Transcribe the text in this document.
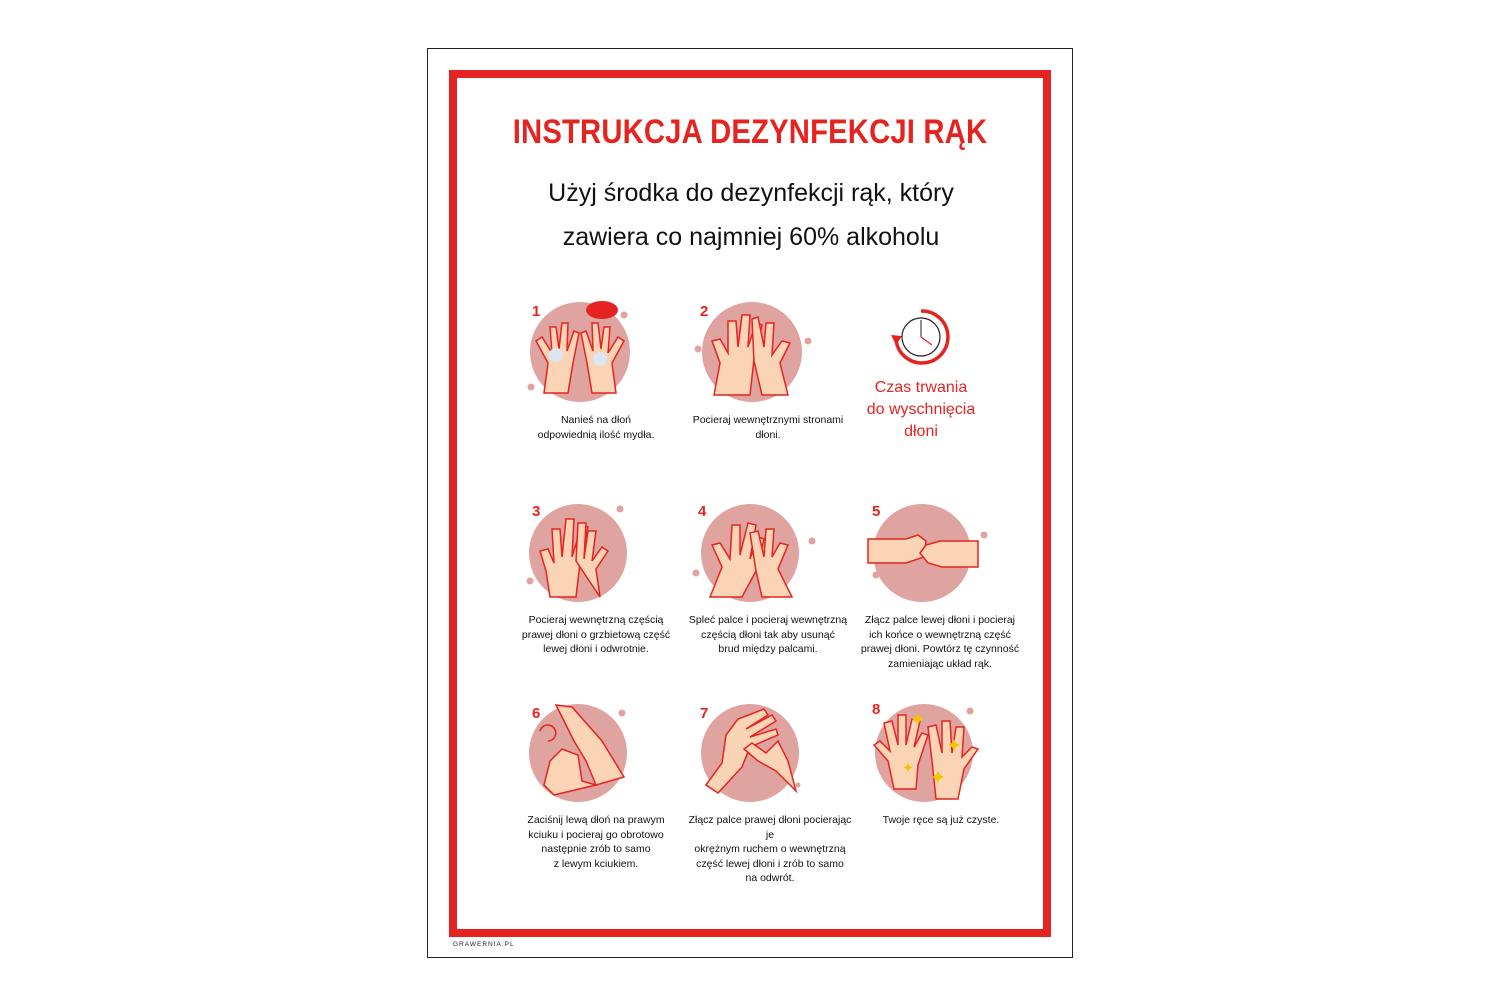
INSTRUKCJA DEZYNFEKCJI RĄK
Użyj środka do dezynfekcji rąk, który
zawiera co najmniej 60% alkoholu
1
Nanieś na dłoń
odpowiednią ilość mydła.
2
Pocieraj wewnętrznymi stronami
dłoni.
Czas trwania
do wyschnięcia
dłoni
3
Pocieraj wewnętrzną częścią
prawej dłoni o grzbietową część
lewej dłoni i odwrotnie.
4
Spleć palce i pocieraj wewnętrzną
częścią dłoni tak aby usunąć
brud między palcami.
5
Złącz palce lewej dłoni i pocieraj
ich końce o wewnętrzną część
prawej dłoni. Powtórz tę czynność
zamieniając układ rąk.
6
Zaciśnij lewą dłoń na prawym
kciuku i pocieraj go obrotowo
następnie zrób to samo
z lewym kciukiem.
7
Złącz palce prawej dłoni pocierając je
okrężnym ruchem o wewnętrzną
część lewej dłoni i zrób to samo
na odwrót.
8
Twoje ręce są już czyste.
GRAWERNIA.PL
